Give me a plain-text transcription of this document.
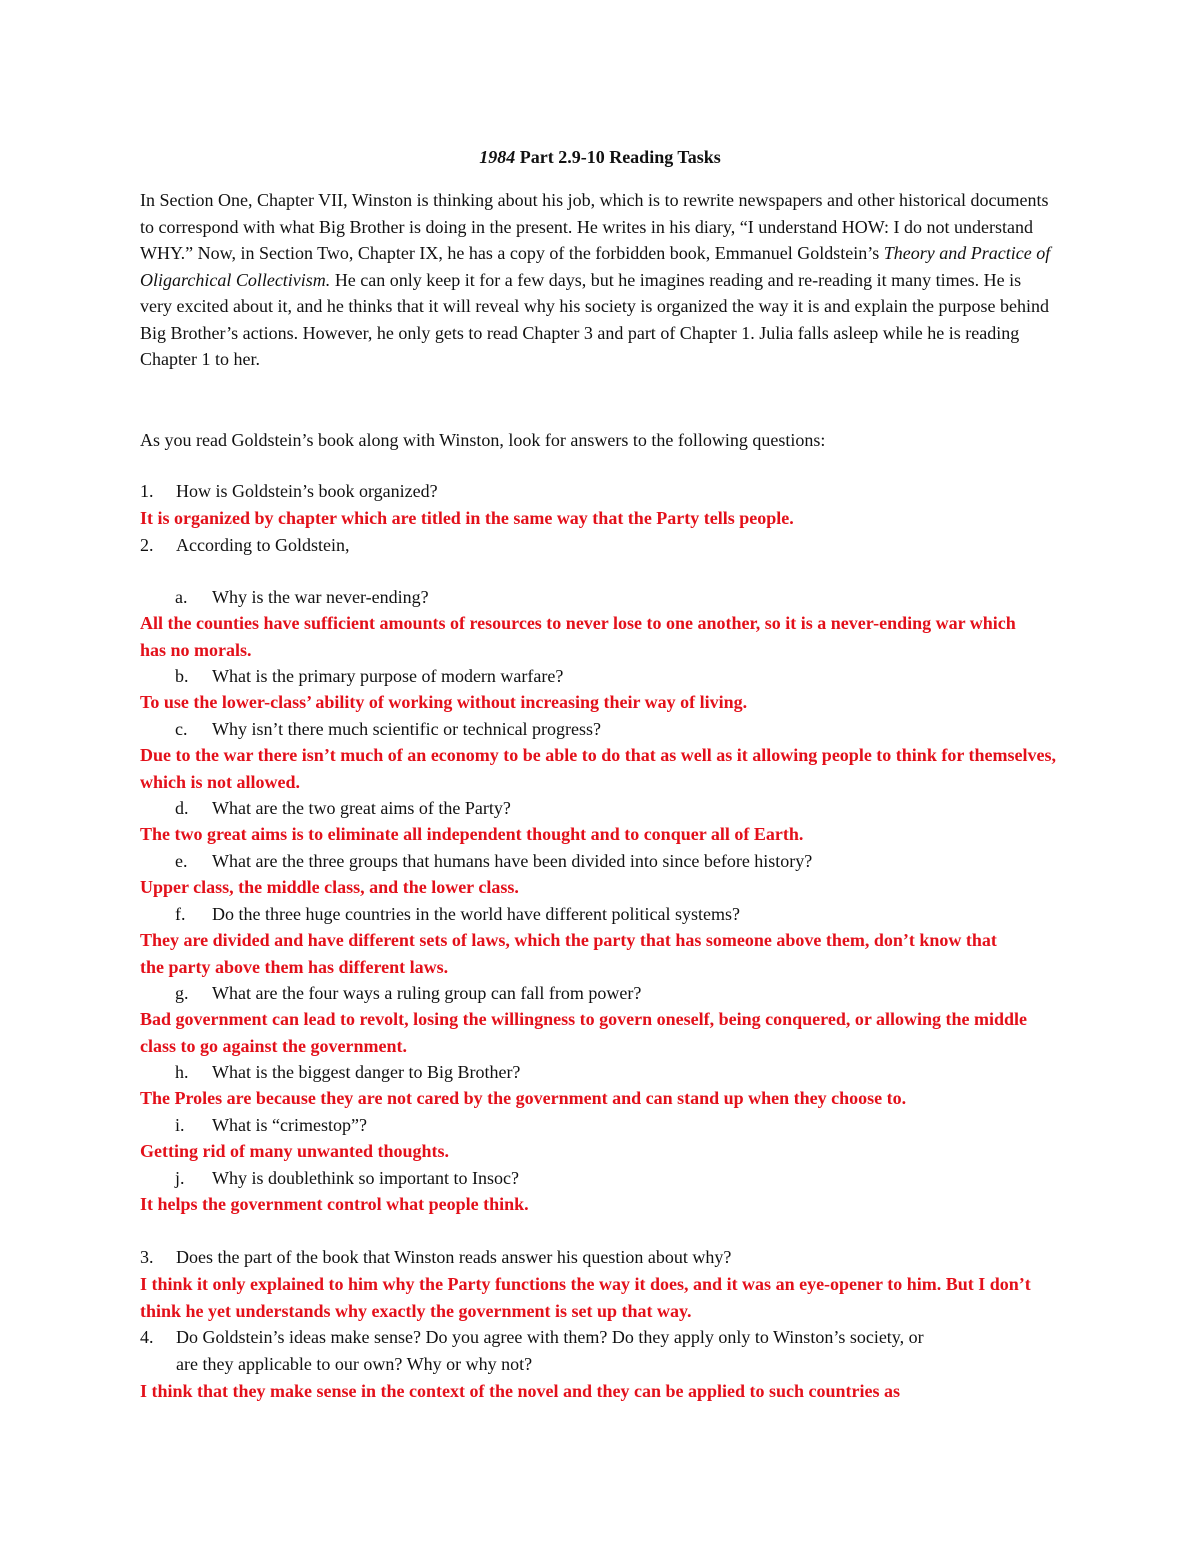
1984 Part 2.9-10 Reading Tasks

In Section One, Chapter VII, Winston is thinking about his job, which is to rewrite newspapers and other historical documents to correspond with what Big Brother is doing in the present. He writes in his diary, “I understand HOW: I do not understand WHY.” Now, in Section Two, Chapter IX, he has a copy of the forbidden book, Emmanuel Goldstein’s Theory and Practice of Oligarchical Collectivism. He can only keep it for a few days, but he imagines reading and re-reading it many times. He is very excited about it, and he thinks that it will reveal why his society is organized the way it is and explain the purpose behind Big Brother’s actions. However, he only gets to read Chapter 3 and part of Chapter 1. Julia falls asleep while he is reading Chapter 1 to her.

As you read Goldstein’s book along with Winston, look for answers to the following questions:

1. How is Goldstein’s book organized?
It is organized by chapter which are titled in the same way that the Party tells people.
2. According to Goldstein,
a. Why is the war never-ending?
All the counties have sufficient amounts of resources to never lose to one another, so it is a never-ending war which has no morals.
b. What is the primary purpose of modern warfare?
To use the lower-class’ ability of working without increasing their way of living.
c. Why isn’t there much scientific or technical progress?
Due to the war there isn’t much of an economy to be able to do that as well as it allowing people to think for themselves, which is not allowed.
d. What are the two great aims of the Party?
The two great aims is to eliminate all independent thought and to conquer all of Earth.
e. What are the three groups that humans have been divided into since before history?
Upper class, the middle class, and the lower class.
f. Do the three huge countries in the world have different political systems?
They are divided and have different sets of laws, which the party that has someone above them, don’t know that the party above them has different laws.
g. What are the four ways a ruling group can fall from power?
Bad government can lead to revolt, losing the willingness to govern oneself, being conquered, or allowing the middle class to go against the government.
h. What is the biggest danger to Big Brother?
The Proles are because they are not cared by the government and can stand up when they choose to.
i. What is “crimestop”?
Getting rid of many unwanted thoughts.
j. Why is doublethink so important to Insoc?
It helps the government control what people think.
3. Does the part of the book that Winston reads answer his question about why?
I think it only explained to him why the Party functions the way it does, and it was an eye-opener to him. But I don’t think he yet understands why exactly the government is set up that way.
4. Do Goldstein’s ideas make sense? Do you agree with them? Do they apply only to Winston’s society, or
are they applicable to our own? Why or why not?
I think that they make sense in the context of the novel and they can be applied to such countries as
